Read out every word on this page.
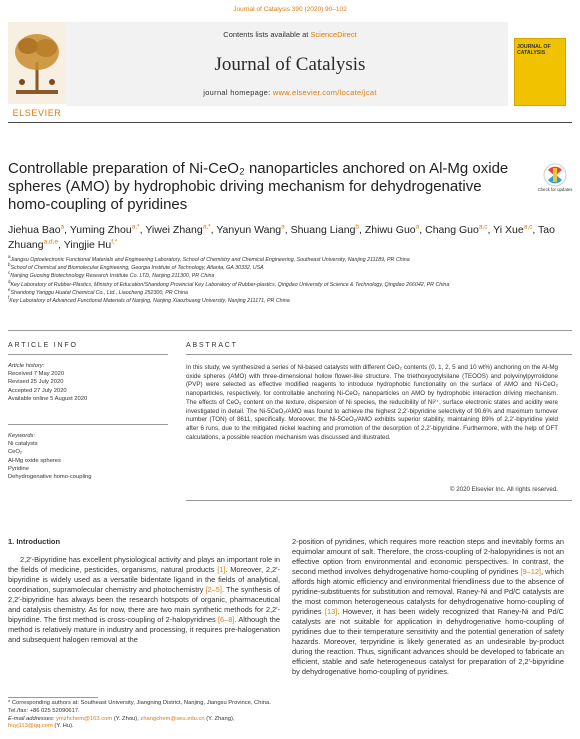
Journal of Catalysis 390 (2020) 90–102
ELSEVIER
Contents lists available at ScienceDirect
Journal of Catalysis
journal homepage: www.elsevier.com/locate/jcat
JOURNAL OF CATALYSIS
Controllable preparation of Ni-CeO₂ nanoparticles anchored on Al-Mg oxide spheres (AMO) by hydrophobic driving mechanism for dehydrogenative homo-coupling of pyridines
Check for updates
Jiehua Bao$^a$, Yuming Zhou$^{a,*}$, Yiwei Zhang$^{a,*}$, Yanyun Wang$^a$, Shuang Liang$^b$, Zhiwu Guo$^a$, Chang Guo$^{a,c}$, Yi Xue$^{a,c}$, Tao Zhuang$^{a,d,e}$, Yingjie $Hu^{f,*}$
$^a$Jiangsu Optoelectronic Functional Materials and Engineering Laboratory, School of Chemistry and Chemical Engineering, Southeast University, Nanjing 211189, PR China
$^b$School of Chemical and Biomolecular Engineering, Georgia Institute of Technology, Atlanta, GA 30332, USA
$^c$Nanjing Guoxing Biotechnology Research Institute Co. LTD, Nanjing 211300, PR China
$^d$Key Laboratory of Rubber-Plastics, Ministry of Education/Shandong Provincial Key Laboratory of Rubber-plastics, Qingdao University of Science & Technology, Qingdao 266042, PR China
$^e$Shandong Yanggu Huatai Chemical Co., Ltd., Liaocheng 252300, PR China
$^f$Key Laboratory of Advanced Functional Materials of Nanjing, Nanjing Xiaozhuang University, Nanjing 211171, PR China
ARTICLE INFO
Article history:
Received 7 May 2020
Revised 25 July 2020
Accepted 27 July 2020
Available online 5 August 2020
Keywords:
Ni catalysts
CeO₂
Al-Mg oxide spheres
Pyridine
Dehydrogenative homo-coupling
ABSTRACT
In this study, we synthesized a series of Ni-based catalysts with different CeO₂ contents (0, 1, 2, 5 and 10 wt%) anchoring on the Al-Mg oxide spheres (AMO) with three-dimensional hollow flower-like structure. The triethoxyoctylsilane (TEOOS) and polyvinylpyrrolidone (PVP) were selected as effective modified reagents to introduce hydrophobic functionality on the surface of AMO and Ni-CeO₂ nanoparticles, respectively, for controllable anchoring Ni-CeO₂ nanoparticles on AMO by hydrophobic interaction driving mechanism. The effects of CeO₂ content on the texture, dispersion of Ni species, the reducibility of Ni²⁺, surface electronic states and acidity were investigated in detail. The Ni-5CeO₂/AMO was found to achieve the highest 2,2′-bipyridine selectivity of 90.6% and maximum turnover number (TON) of 8611, specifically. Moreover, the Ni-5CeO₂/AMO exhibits superior stability, maintaining 89% of 2,2′-bipyridine yield after 6 runs, due to the mitigated nickel leaching and promotion of the desorption of 2,2′-bipyridine. Furthermore, with the help of DFT calculations, a possible reaction mechanism was discussed and illustrated.
© 2020 Elsevier Inc. All rights reserved.
1. Introduction
2,2′-Bipyridine has excellent physiological activity and plays an important role in the fields of medicine, pesticides, organisms, natural products [1]. Moreover, 2,2′-bipyridine is widely used as a versatile bidentate ligand in the fields of analytical, coordination, supramolecular chemistry and photochemistry [2–5]. The synthesis of 2,2′-bipyridine has always been the research hotspots of organic, pharmaceutical and catalysis chemistry. As for now, there are two main synthetic methods for 2,2′-bipyridine. The first method is cross-coupling of 2-halopyridines [6–8]. Although the method is relatively mature in industry and processing, it requires pre-halogenation and subsequent halogen removal at the
2-position of pyridines, which requires more reaction steps and inevitably forms an equimolar amount of salt. Therefore, the cross-coupling of 2-halopyridines is not an effective option from environmental and economic perspectives. In contrast, the second method involves dehydrogenative homo-coupling of pyridines [9–12], which affords high atomic efficiency and environmental friendliness due to the absence of pyridine-substituents for substitution and removal. Raney-Ni and Pd/C catalysts are the most common heterogeneous catalysts for dehydrogenative homo-coupling of pyridines [13]. However, it has been widely recognized that Raney-Ni and Pd/C catalysts are not suitable for application in dehydrogenative homo-coupling of pyridines due to their temperature sensitivity and the potential generation of safety hazards. Moreover, terpyridine is likely generated as an undesirable by-product during the reaction. Thus, significant advances should be developed to fabricate an efficient, stable and safe heterogeneous catalyst for preparation of 2,2′-bipyridine by dehydrogenative homo-coupling of pyridines.
* Corresponding authors at: Southeast University, Jiangning District, Nanjing, Jiangsu Province, China. Tel./fax: +86 025 52090617.
E-mail addresses: ymzhchem@163.com (Y. Zhou), zhangchem@seu.edu.cn (Y. Zhang), huyj113@qq.com (Y. Hu).
